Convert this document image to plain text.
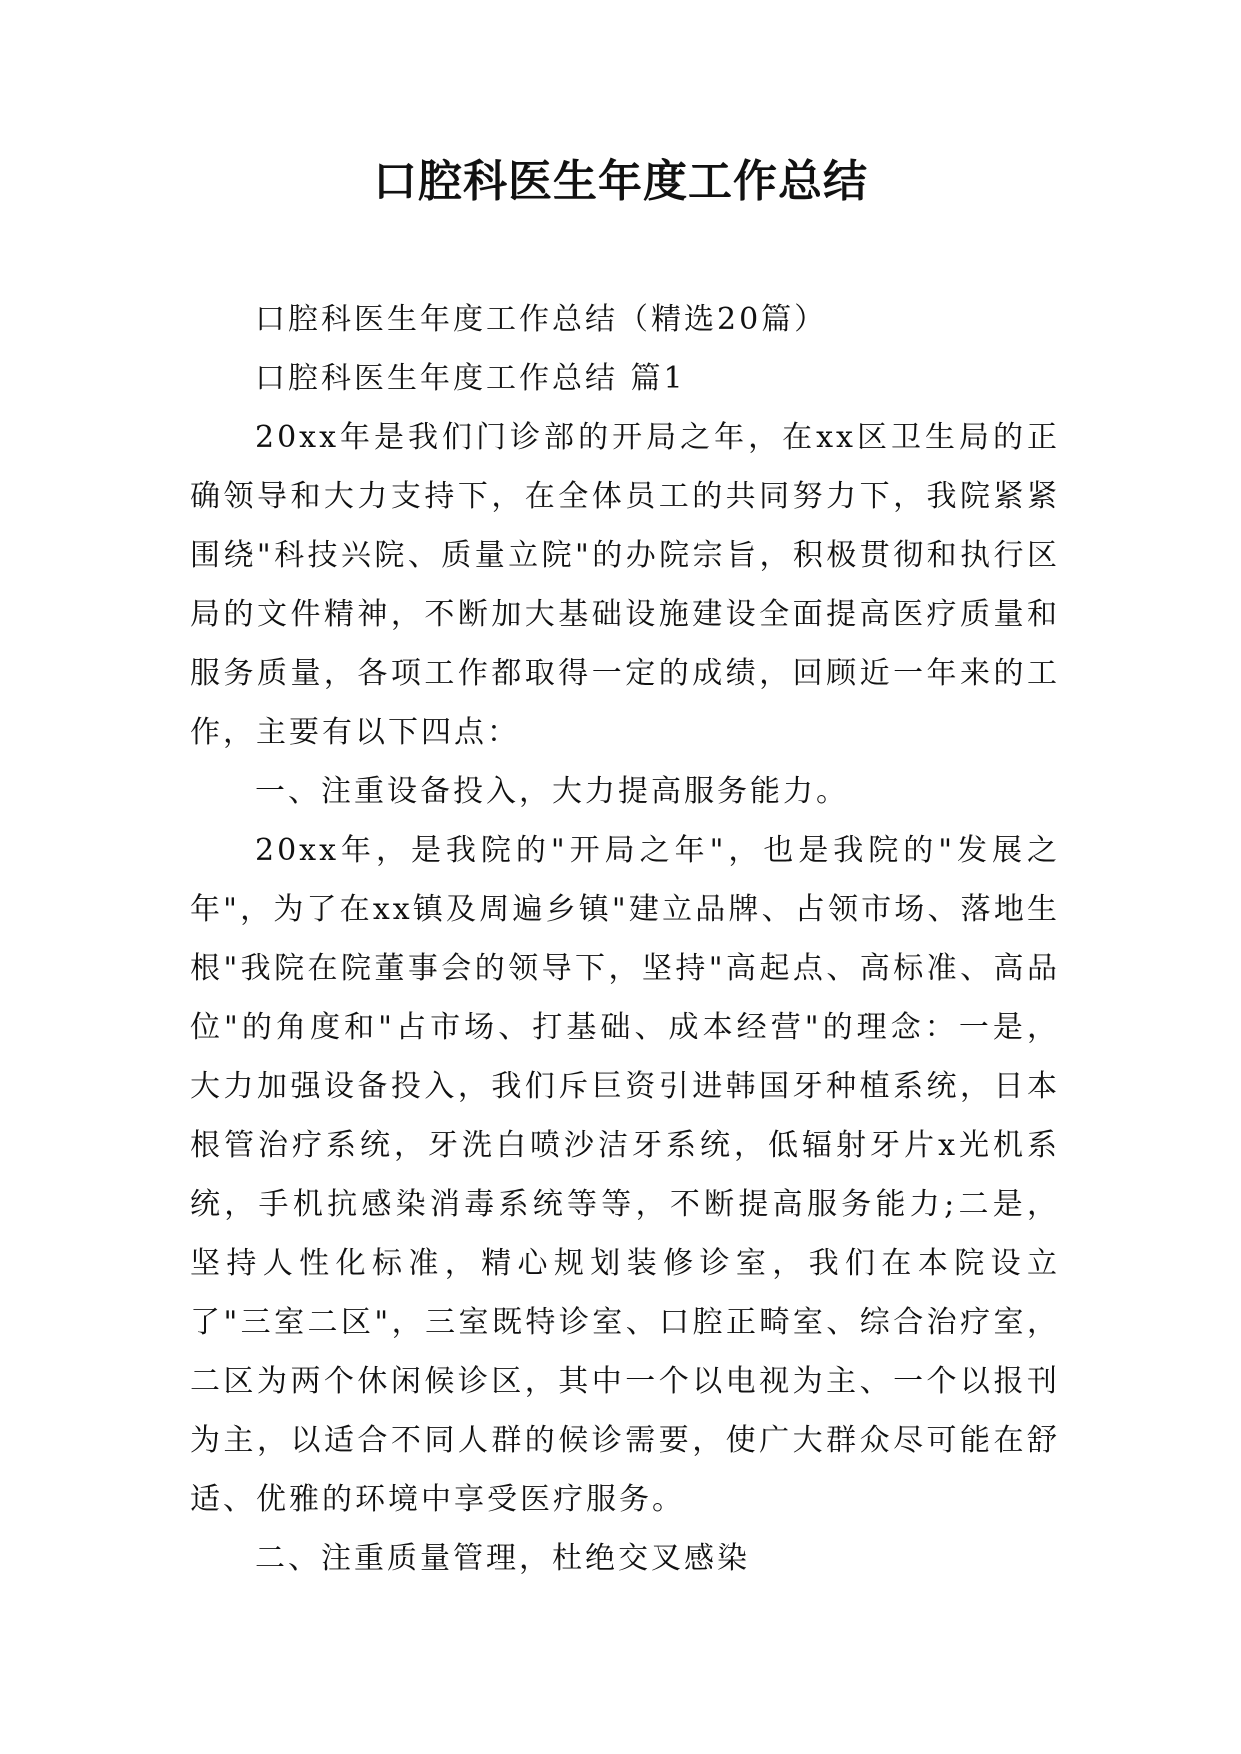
口腔科医生年度工作总结

口腔科医生年度工作总结（精选20篇）

口腔科医生年度工作总结 篇1

20xx年是我们门诊部的开局之年，在xx区卫生局的正确领导和大力支持下，在全体员工的共同努力下，我院紧紧围绕"科技兴院、质量立院"的办院宗旨，积极贯彻和执行区局的文件精神，不断加大基础设施建设全面提高医疗质量和服务质量，各项工作都取得一定的成绩，回顾近一年来的工作，主要有以下四点：

一、注重设备投入，大力提高服务能力。

20xx年，是我院的"开局之年"，也是我院的"发展之年"，为了在xx镇及周遍乡镇"建立品牌、占领市场、落地生根"我院在院董事会的领导下，坚持"高起点、高标准、高品位"的角度和"占市场、打基础、成本经营"的理念：一是，大力加强设备投入，我们斥巨资引进韩国牙种植系统，日本根管治疗系统，牙洗白喷沙洁牙系统，低辐射牙片x光机系统，手机抗感染消毒系统等等，不断提高服务能力;二是，坚持人性化标准，精心规划装修诊室，我们在本院设立了"三室二区"，三室既特诊室、口腔正畸室、综合治疗室，二区为两个休闲候诊区，其中一个以电视为主、一个以报刊为主，以适合不同人群的候诊需要，使广大群众尽可能在舒适、优雅的环境中享受医疗服务。

二、注重质量管理，杜绝交叉感染
